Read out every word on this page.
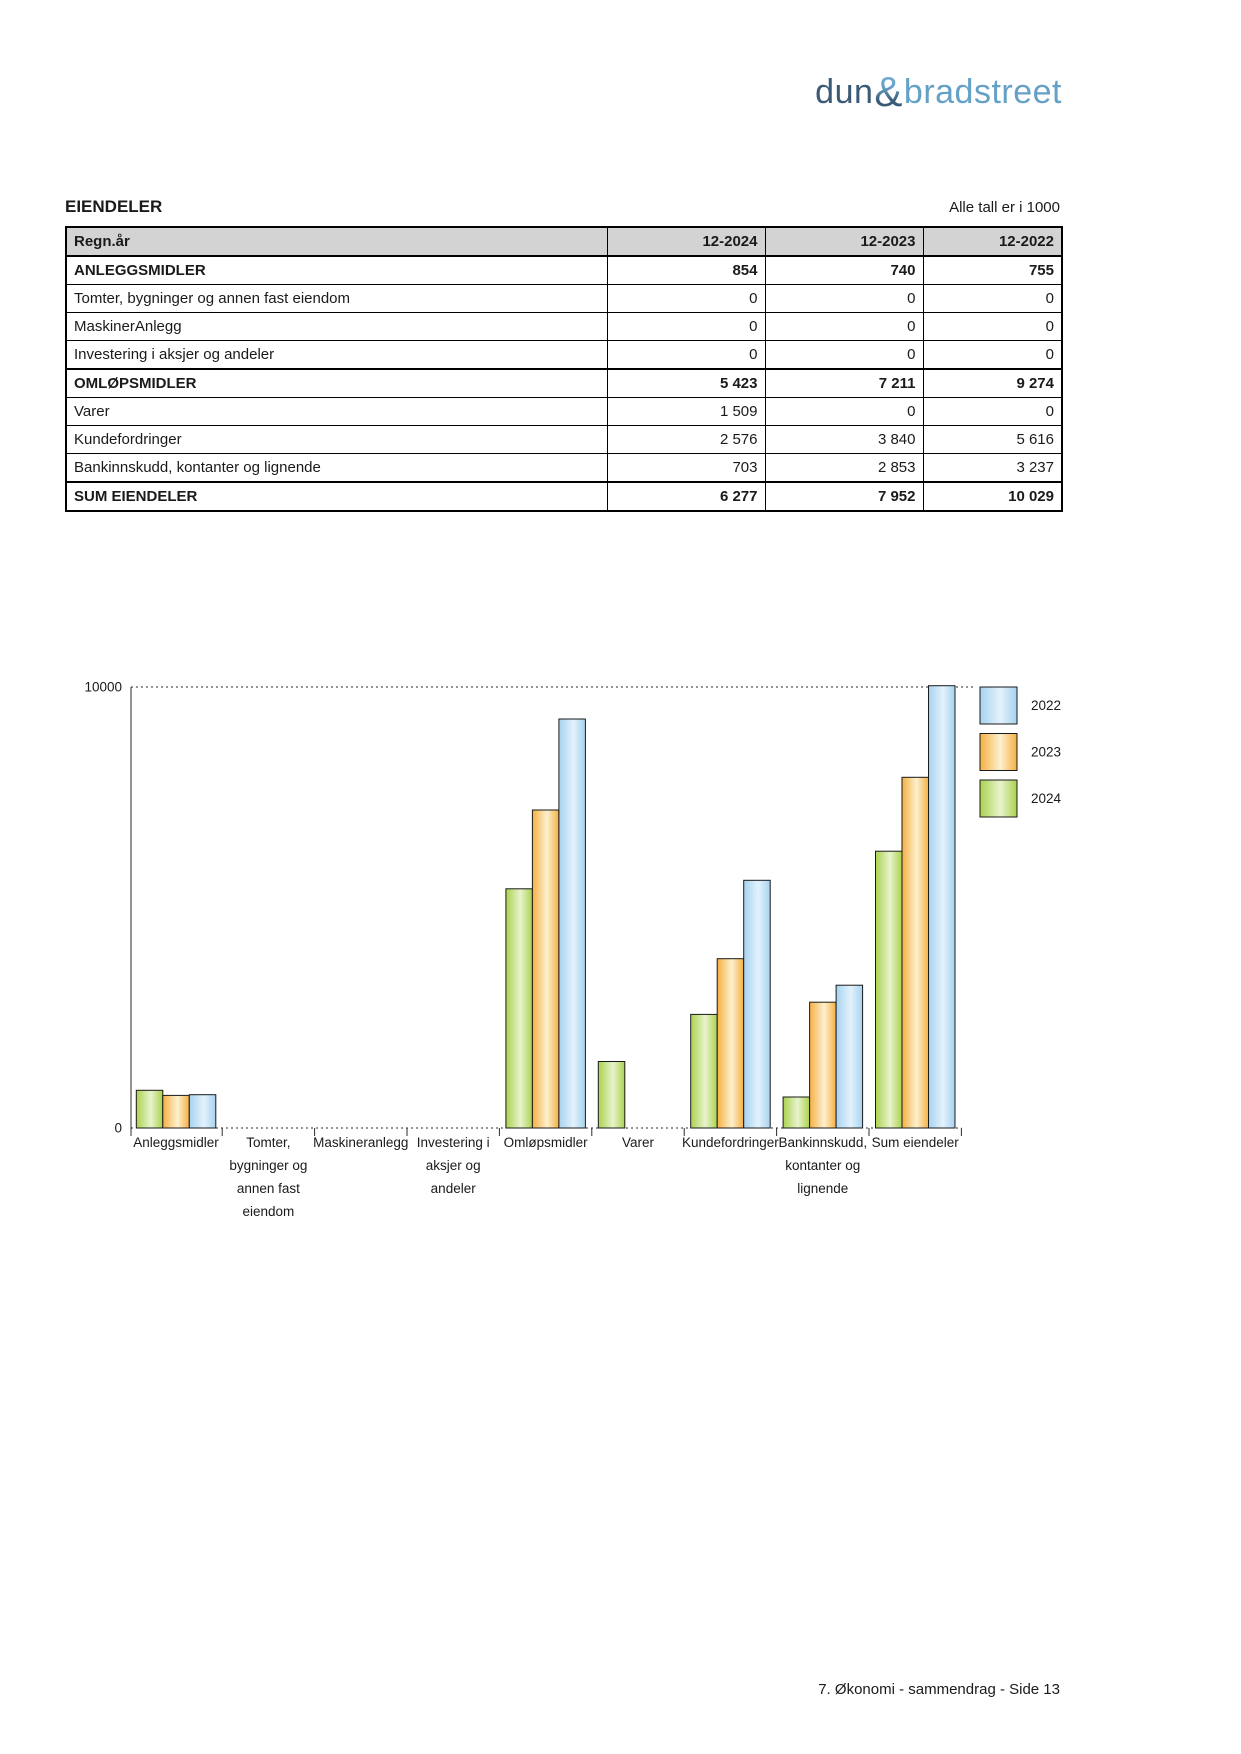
dun&bradstreet
EIENDELER	Alle tall er i 1000
Regn.år	12-2024	12-2023	12-2022
ANLEGGSMIDLER	854	740	755
Tomter, bygninger og annen fast eiendom	0	0	0
MaskinerAnlegg	0	0	0
Investering i aksjer og andeler	0	0	0
OMLØPSMIDLER	5 423	7 211	9 274
Varer	1 509	0	0
Kundefordringer	2 576	3 840	5 616
Bankinnskudd, kontanter og lignende	703	2 853	3 237
SUM EIENDELER	6 277	7 952	10 029
0
10000
Anleggsmidler Tomter,
bygninger og
annen fast
eiendom
Maskineranlegg Investering i
aksjer og
andeler
Omløpsmidler	Varer Kundefordringer Bankinnskudd,
kontanter og
lignende
Sum eiendeler
2022
2023
2024
7. Økonomi - sammendrag - Side 13
